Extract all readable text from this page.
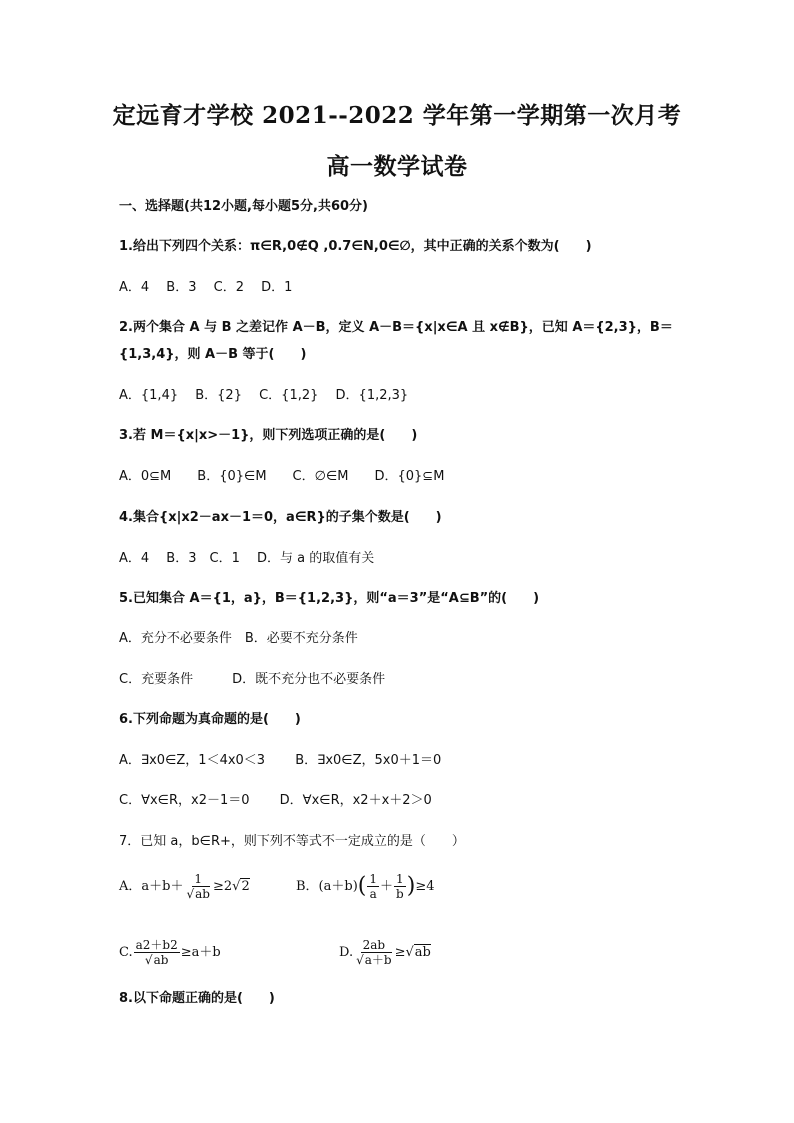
定远育才学校 2021--2022 学年第一学期第一次月考
高一数学试卷
一、选择题(共12小题,每小题5分,共60分)
1.给出下列四个关系：π∈R,0∉Q ,0.7∈N,0∈∅，其中正确的关系个数为(　　)
A．4　 B．3　 C．2　 D．1
2.两个集合 A 与 B 之差记作 A－B，定义 A－B＝{x|x∈A 且 x∉B}，已知 A＝{2,3}，B＝
{1,3,4}，则 A－B 等于(　　)
A．{1,4}　 B．{2}　 C．{1,2}　 D．{1,2,3}
3.若 M＝{x|x>－1}，则下列选项正确的是(　　)
A．0⊆M　　B．{0}∈M　　C．∅∈M　　D．{0}⊆M
4.集合{x|x2－ax－1＝0，a∈R}的子集个数是(　　)
A．4　 B．3　C．1　 D．与 a 的取值有关
5.已知集合 A＝{1，a}，B＝{1,2,3}，则“a＝3”是“A⊆B”的(　　)
A．充分不必要条件　B．必要不充分条件
C．充要条件　　　D．既不充分也不必要条件
6.下列命题为真命题的是(　　)
A．∃x0∈Z，1＜4x0＜3　　 B．∃x0∈Z，5x0＋1＝0
C．∀x∈R，x2－1＝0　　 D．∀x∈R，x2＋x＋2＞0
7．已知 a，b∈R+，则下列不等式不一定成立的是（　　）
A．$a+b+ \frac{1}{√ab} \ge 2√2$	B．$(a+b)( \frac{1}{a} + \frac{1}{b} )\ge 4$
C. $\frac{a2+b2}{√ab} \ge a+b$	D. $\frac{2ab}{√a+b} \ge√ab$
8.以下命题正确的是(　　)
